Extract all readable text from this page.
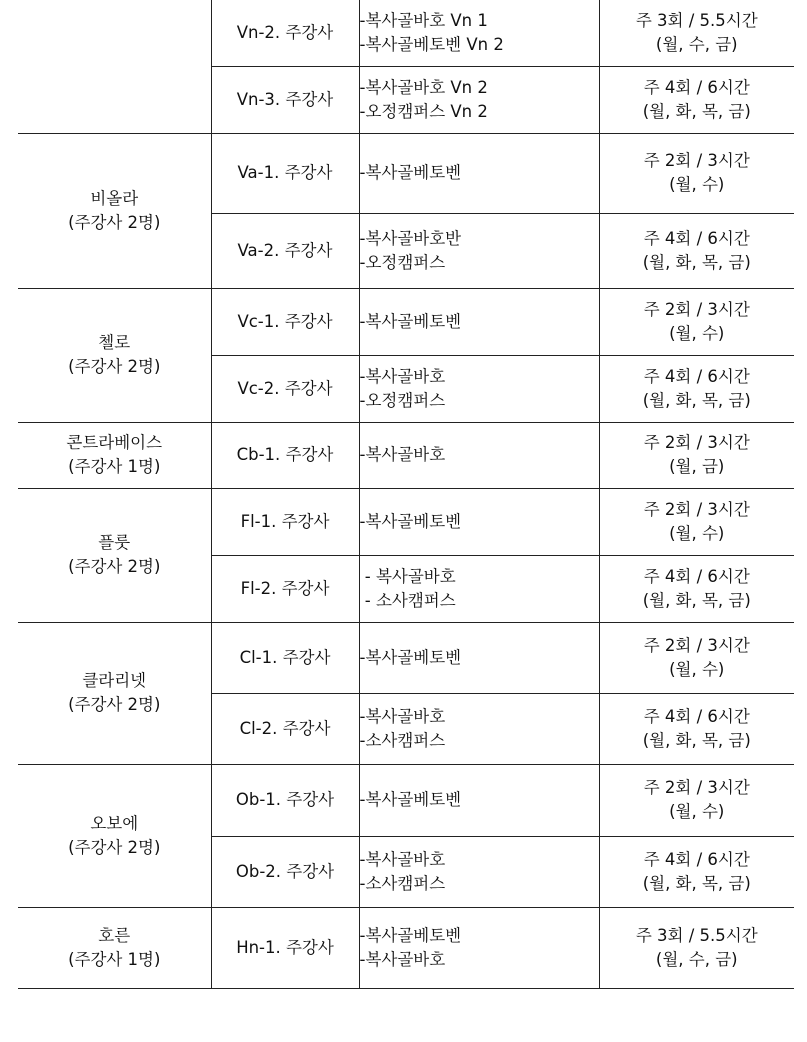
	Vn-2. 주강사	-복사골바호 Vn 1
-복사골베토벤 Vn 2	주 3회 / 5.5시간
(월, 수, 금)

	Vn-3. 주강사	-복사골바호 Vn 2
-오정캠퍼스 Vn 2	주 4회 / 6시간
(월, 화, 목, 금)

비올라
(주강사 2명)	Va-1. 주강사	-복사골베토벤	주 2회 / 3시간
(월, 수)

	Va-2. 주강사	-복사골바호반
-오정캠퍼스	주 4회 / 6시간
(월, 화, 목, 금)

첼로
(주강사 2명)	Vc-1. 주강사	-복사골베토벤	주 2회 / 3시간
(월, 수)

	Vc-2. 주강사	-복사골바호
-오정캠퍼스	주 4회 / 6시간
(월, 화, 목, 금)

콘트라베이스
(주강사 1명)	Cb-1. 주강사	-복사골바호	주 2회 / 3시간
(월, 금)

플룻
(주강사 2명)	Fl-1. 주강사	-복사골베토벤	주 2회 / 3시간
(월, 수)

	Fl-2. 주강사	- 복사골바호
- 소사캠퍼스	주 4회 / 6시간
(월, 화, 목, 금)

클라리넷
(주강사 2명)	Cl-1. 주강사	-복사골베토벤	주 2회 / 3시간
(월, 수)

	Cl-2. 주강사	-복사골바호
-소사캠퍼스	주 4회 / 6시간
(월, 화, 목, 금)

오보에
(주강사 2명)	Ob-1. 주강사	-복사골베토벤	주 2회 / 3시간
(월, 수)

	Ob-2. 주강사	-복사골바호
-소사캠퍼스	주 4회 / 6시간
(월, 화, 목, 금)

호른
(주강사 1명)	Hn-1. 주강사	-복사골베토벤
-복사골바호	주 3회 / 5.5시간
(월, 수, 금)
